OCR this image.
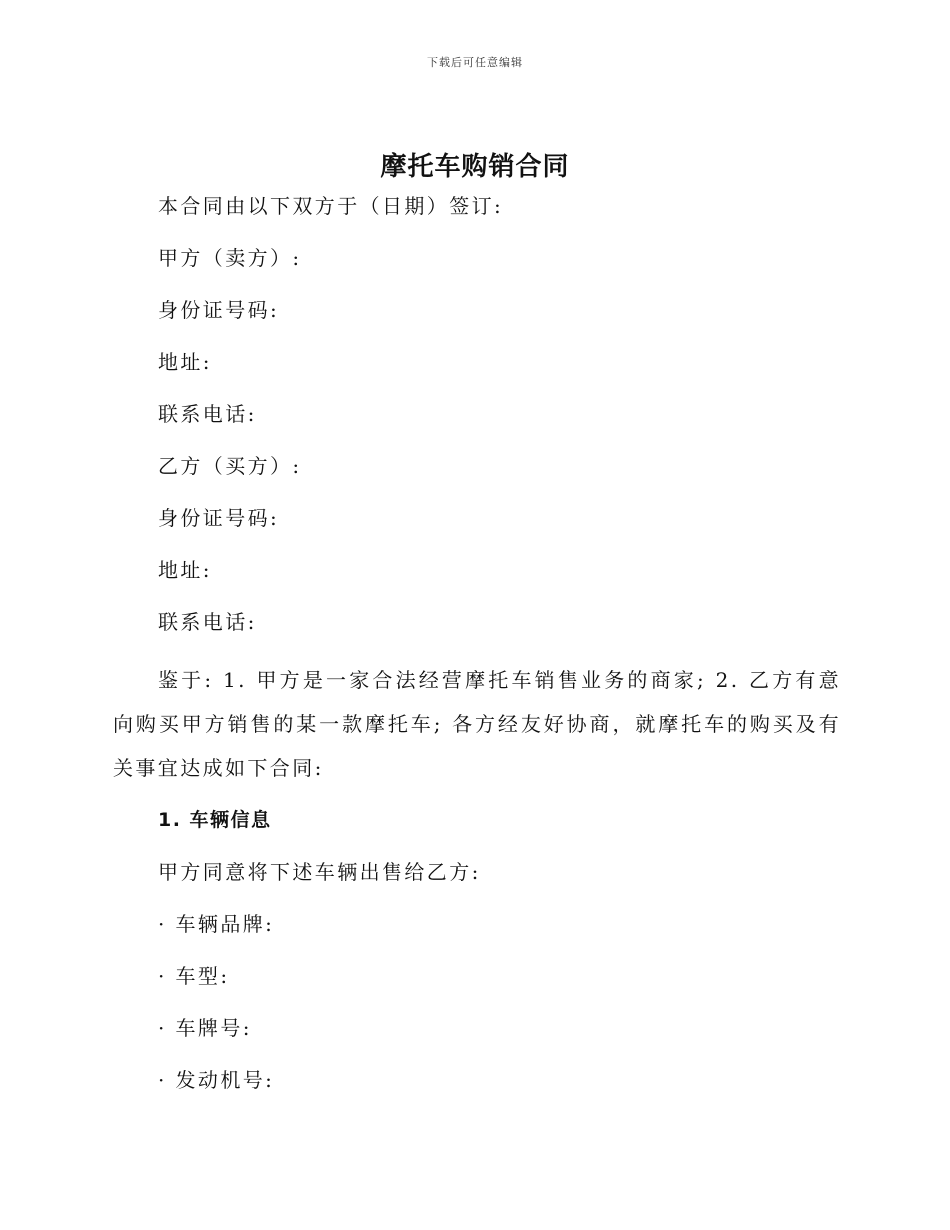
下载后可任意编辑
摩托车购销合同

本合同由以下双方于（日期）签订:

甲方（卖方）:

身份证号码:

地址:

联系电话:

乙方（买方）:

身份证号码:

地址:

联系电话:

鉴于: 1. 甲方是一家合法经营摩托车销售业务的商家; 2. 乙方有意向购买甲方销售的某一款摩托车; 各方经友好协商，就摩托车的购买及有关事宜达成如下合同:

1. 车辆信息

甲方同意将下述车辆出售给乙方:

· 车辆品牌:

· 车型:

· 车牌号:

· 发动机号:
